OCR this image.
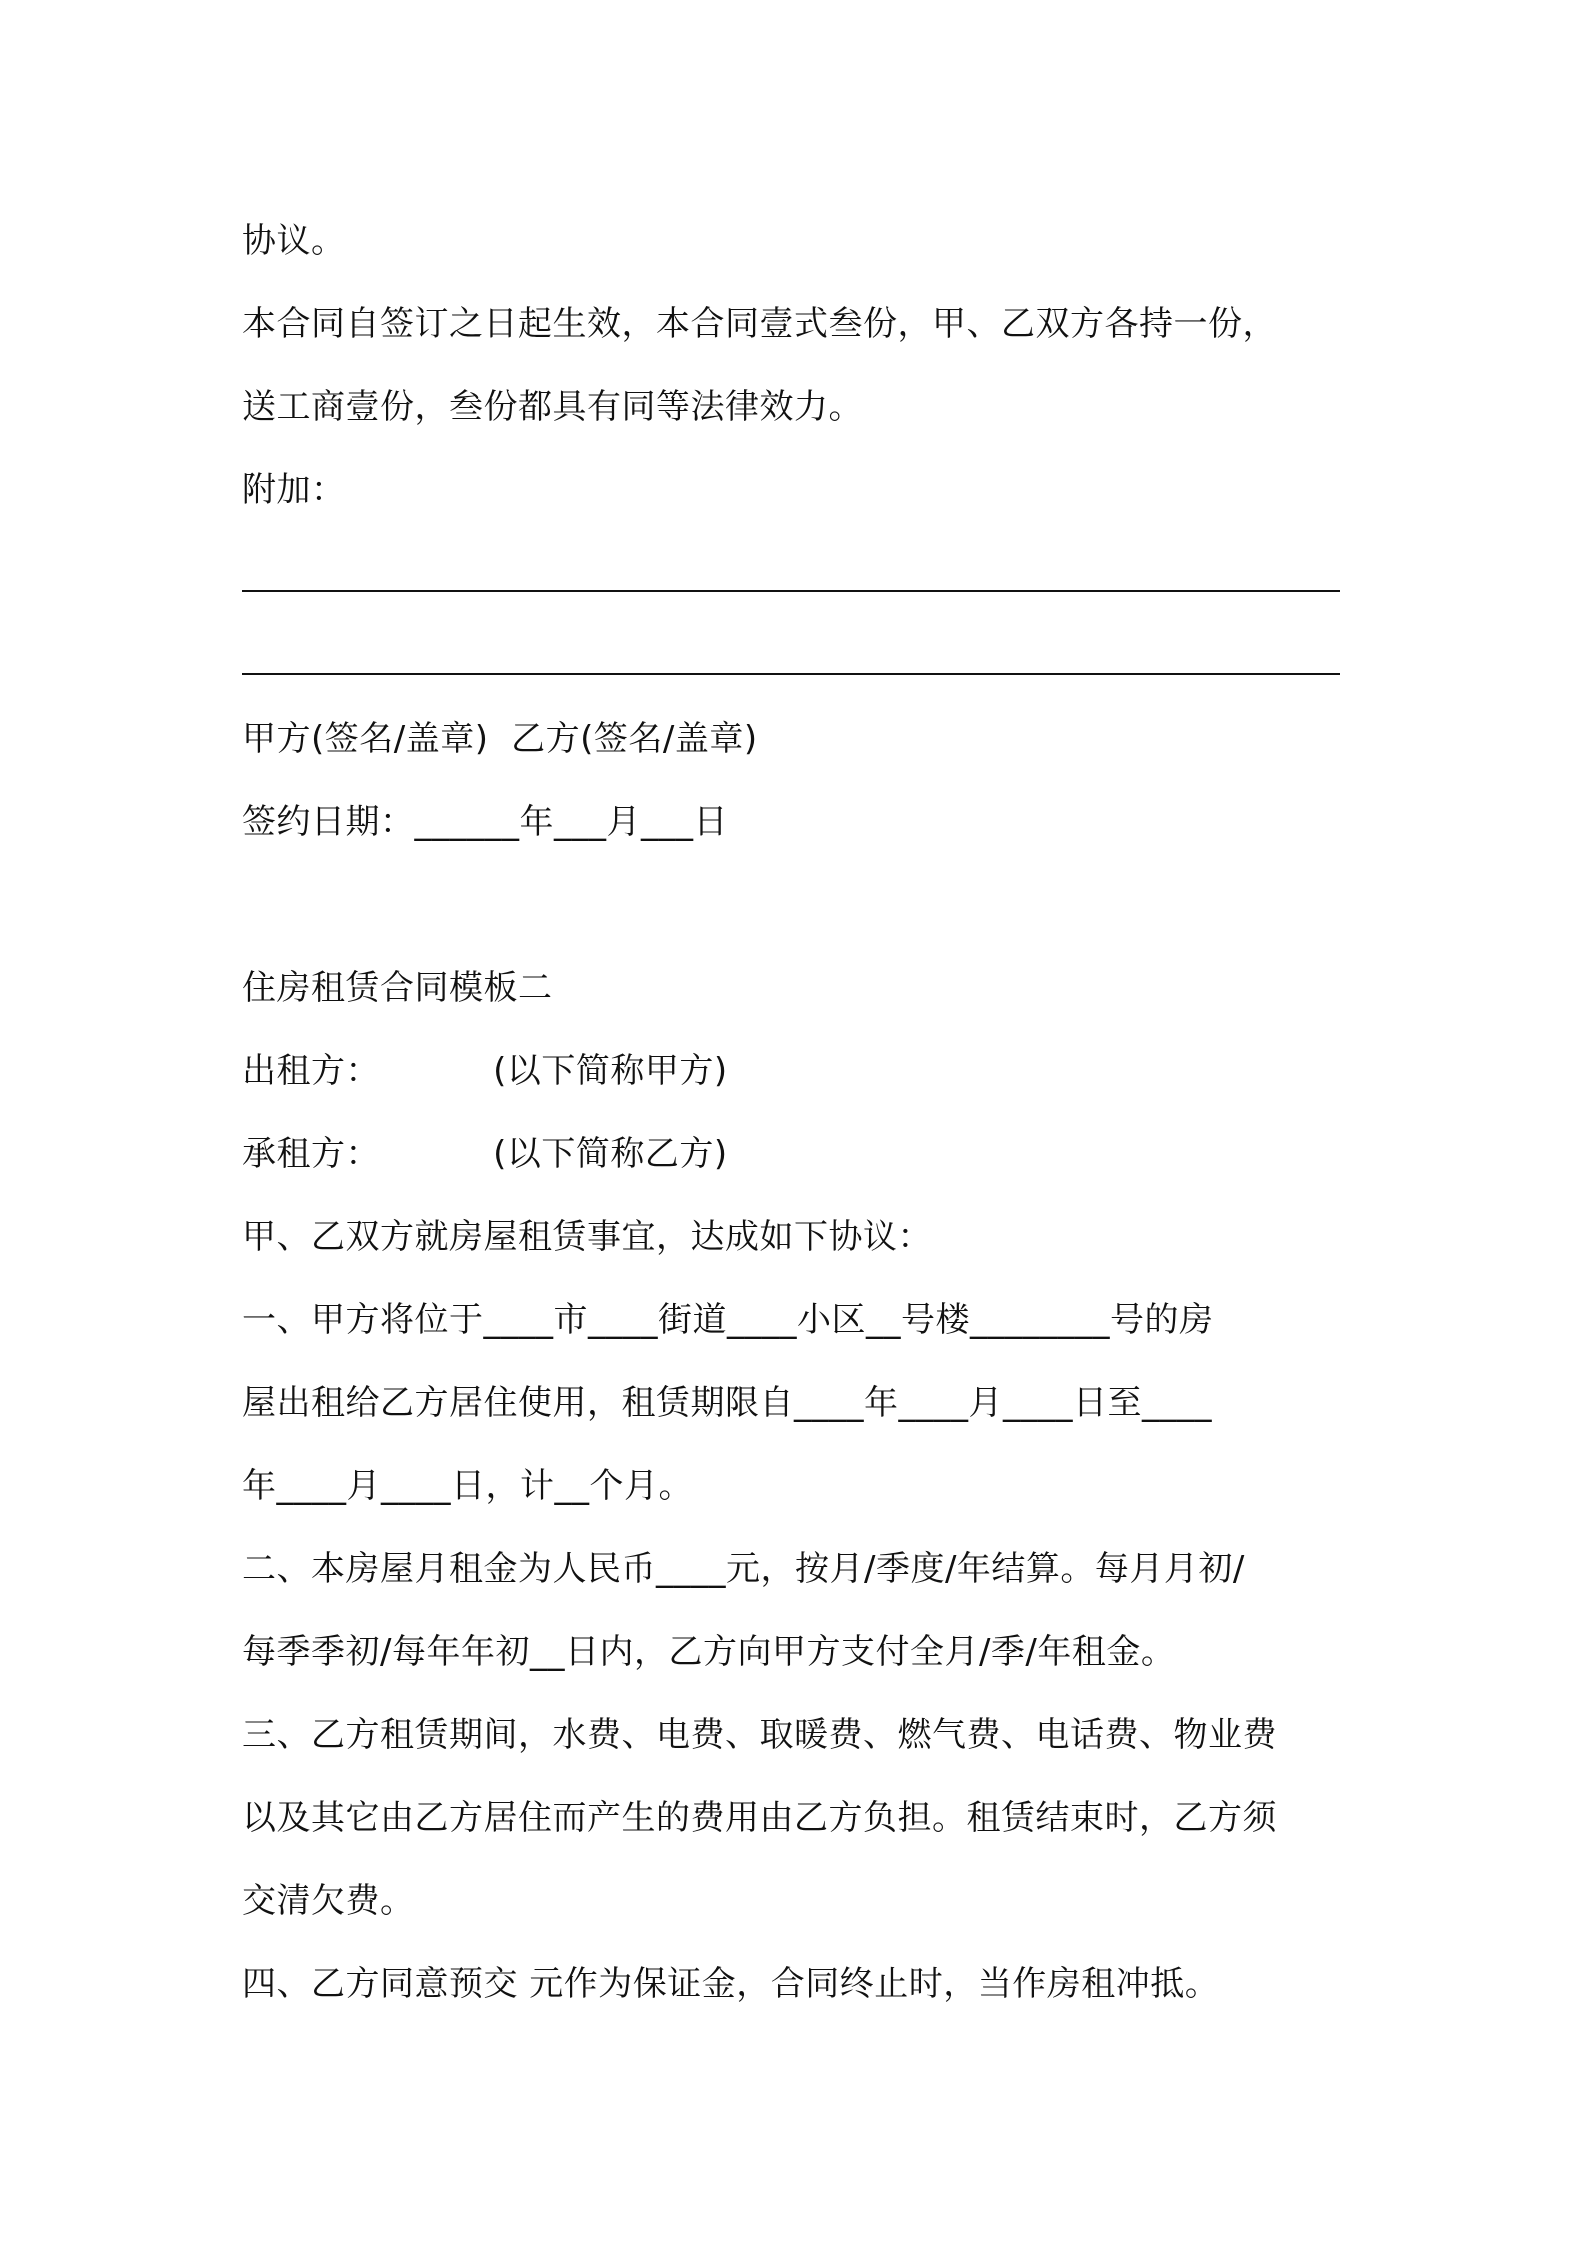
协议。

本合同自签订之日起生效，本合同壹式叁份，甲、乙双方各持一份，

送工商壹份，叁份都具有同等法律效力。

附加：

甲方(签名/盖章)  乙方(签名/盖章)

签约日期：______年___月___日

住房租赁合同模板二

出租方：          (以下简称甲方)

承租方：          (以下简称乙方)

甲、乙双方就房屋租赁事宜，达成如下协议：

一、甲方将位于____市____街道____小区__号楼________号的房

屋出租给乙方居住使用，租赁期限自____年____月____日至____

年____月____日，计__个月。

二、本房屋月租金为人民币____元，按月/季度/年结算。每月月初/

每季季初/每年年初__日内，乙方向甲方支付全月/季/年租金。

三、乙方租赁期间，水费、电费、取暖费、燃气费、电话费、物业费

以及其它由乙方居住而产生的费用由乙方负担。租赁结束时，乙方须

交清欠费。

四、乙方同意预交 元作为保证金，合同终止时，当作房租冲抵。
